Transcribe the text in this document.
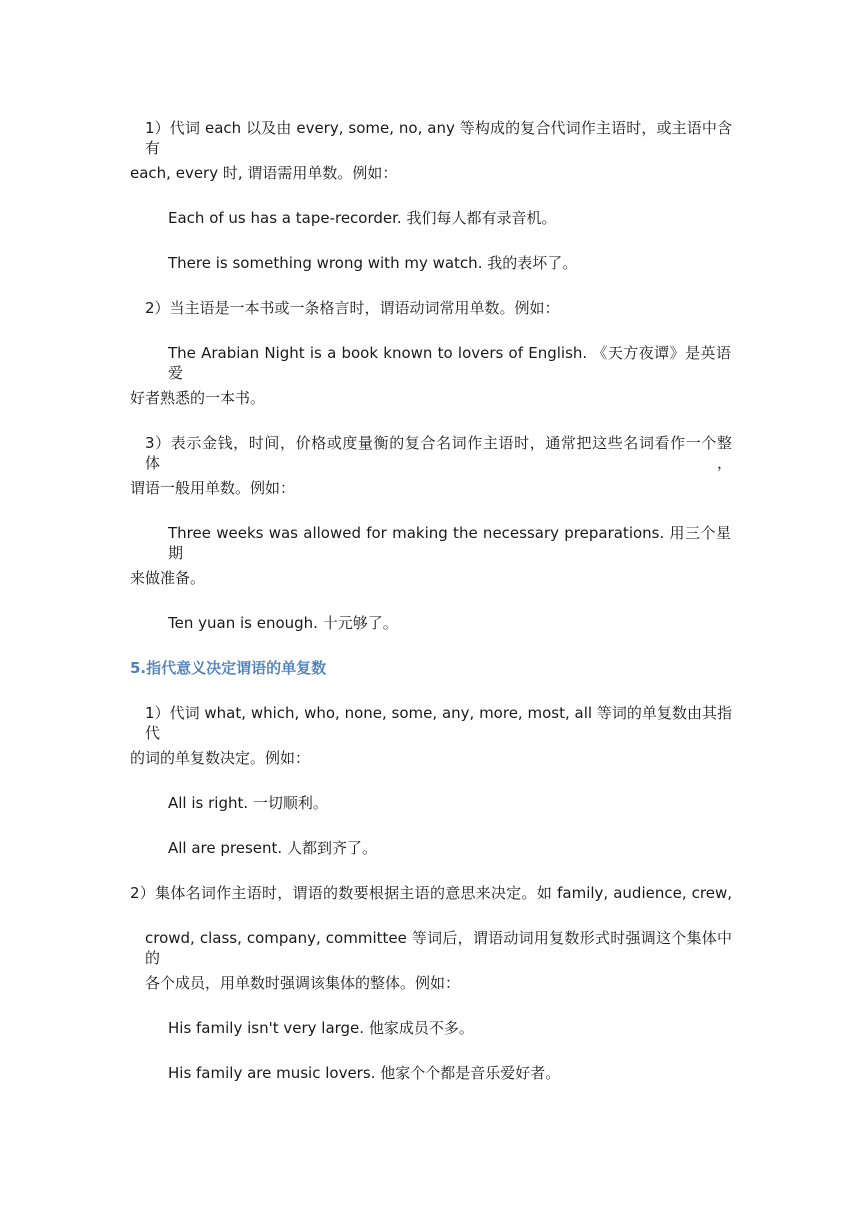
1）代词 each 以及由 every, some, no, any 等构成的复合代词作主语时，或主语中含有
each, every 时, 谓语需用单数。例如：
Each of us has a tape-recorder. 我们每人都有录音机。
There is something wrong with my watch. 我的表坏了。
2）当主语是一本书或一条格言时，谓语动词常用单数。例如：
The Arabian Night is a book known to lovers of English. 《天方夜谭》是英语爱
好者熟悉的一本书。
3）表示金钱，时间，价格或度量衡的复合名词作主语时，通常把这些名词看作一个整体，
谓语一般用单数。例如：
Three weeks was allowed for making the necessary preparations. 用三个星期
来做准备。
Ten yuan is enough. 十元够了。
5.指代意义决定谓语的单复数
1）代词 what, which, who, none, some, any, more, most, all 等词的单复数由其指代
的词的单复数决定。例如：
All is right. 一切顺利。
All are present. 人都到齐了。
2）集体名词作主语时，谓语的数要根据主语的意思来决定。如 family, audience, crew,
crowd, class, company, committee 等词后，谓语动词用复数形式时强调这个集体中的
各个成员，用单数时强调该集体的整体。例如：
His family isn't very large. 他家成员不多。
His family are music lovers. 他家个个都是音乐爱好者。
